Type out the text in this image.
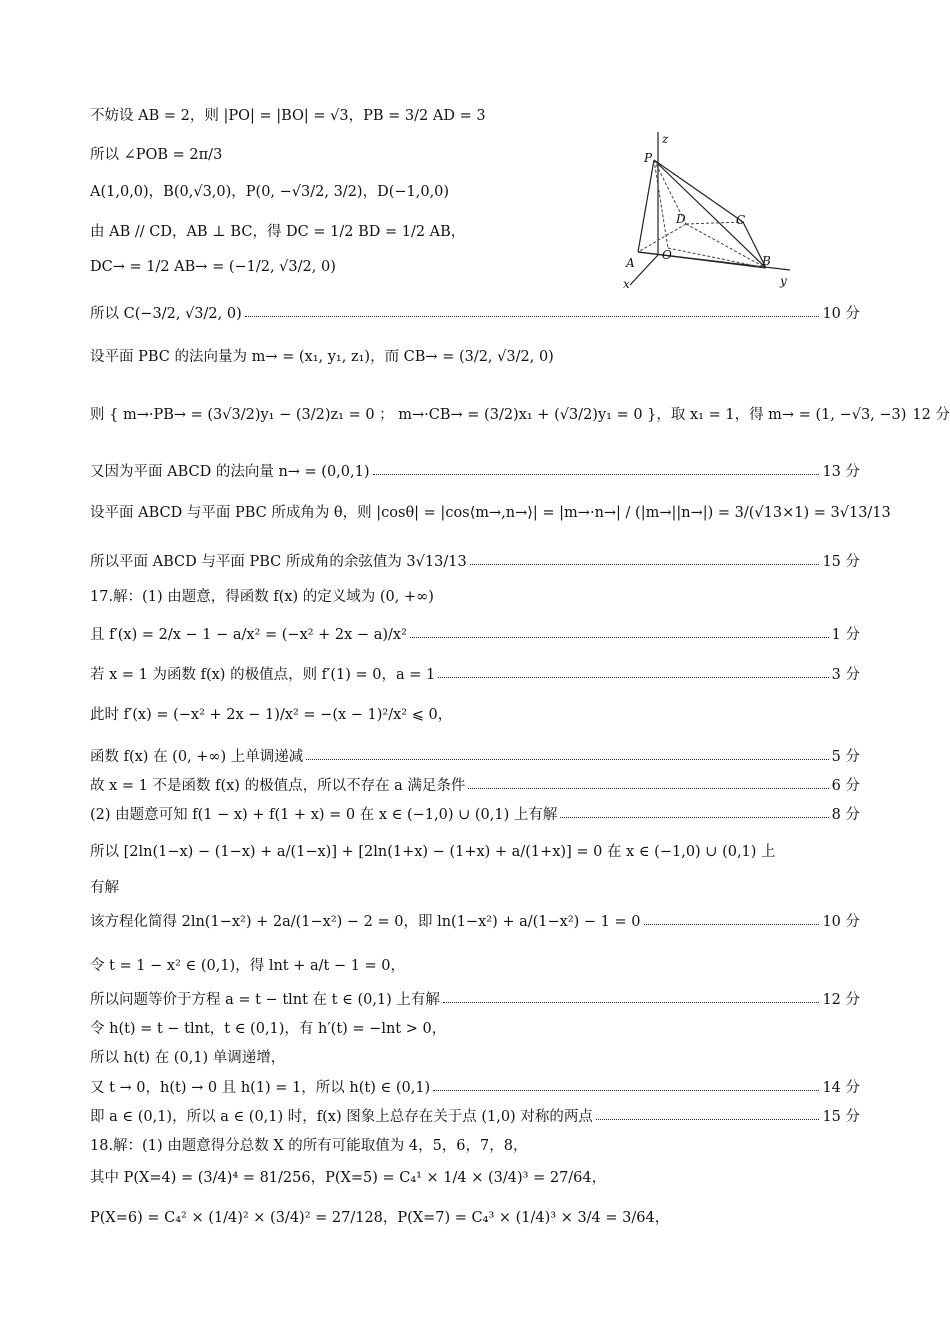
不妨设 AB = 2，则 |PO| = |BO| = √3，PB = 3/2 AD = 3
所以 ∠POB = 2π/3
A(1,0,0)，B(0,√3,0)，P(0, −√3/2, 3/2)，D(−1,0,0)
由 AB // CD，AB ⊥ BC，得 DC = 1/2 BD = 1/2 AB，
DC→ = 1/2 AB→ = (−1/2, √3/2, 0)
所以 C(−3/2, √3/2, 0)	10 分
设平面 PBC 的法向量为 m→ = (x₁, y₁, z₁)，而 CB→ = (3/2, √3/2, 0)
则 { m→·PB→ = (3√3/2)y₁ − (3/2)z₁ = 0 ； m→·CB→ = (3/2)x₁ + (√3/2)y₁ = 0 }，取 x₁ = 1，得 m→ = (1, −√3, −3) 12 分
又因为平面 ABCD 的法向量 n→ = (0,0,1)	13 分
设平面 ABCD 与平面 PBC 所成角为 θ，则 |cosθ| = |cos⟨m→,n→⟩| = |m→·n→| / (|m→||n→|) = 3/(√13×1) = 3√13/13
所以平面 ABCD 与平面 PBC 所成角的余弦值为 3√13/13	15 分
17.解：(1) 由题意，得函数 f(x) 的定义域为 (0, +∞)
且 f′(x) = 2/x − 1 − a/x² = (−x² + 2x − a)/x²	1 分
若 x = 1 为函数 f(x) 的极值点，则 f′(1) = 0，a = 1	3 分
此时 f′(x) = (−x² + 2x − 1)/x² = −(x − 1)²/x² ⩽ 0，
函数 f(x) 在 (0, +∞) 上单调递减	5 分
故 x = 1 不是函数 f(x) 的极值点，所以不存在 a 满足条件	6 分
(2) 由题意可知 f(1 − x) + f(1 + x) = 0 在 x ∈ (−1,0) ∪ (0,1) 上有解	8 分
所以 [2ln(1−x) − (1−x) + a/(1−x)] + [2ln(1+x) − (1+x) + a/(1+x)] = 0 在 x ∈ (−1,0) ∪ (0,1) 上
有解
该方程化简得 2ln(1−x²) + 2a/(1−x²) − 2 = 0，即 ln(1−x²) + a/(1−x²) − 1 = 0	10 分
令 t = 1 − x² ∈ (0,1)，得 lnt + a/t − 1 = 0，
所以问题等价于方程 a = t − tlnt 在 t ∈ (0,1) 上有解	12 分
令 h(t) = t − tlnt，t ∈ (0,1)，有 h′(t) = −lnt > 0，
所以 h(t) 在 (0,1) 单调递增，
又 t → 0，h(t) → 0 且 h(1) = 1，所以 h(t) ∈ (0,1)	14 分
即 a ∈ (0,1)，所以 a ∈ (0,1) 时，f(x) 图象上总存在关于点 (1,0) 对称的两点	15 分
18.解：(1) 由题意得分总数 X 的所有可能取值为 4，5，6，7，8，
其中 P(X=4) = (3/4)⁴ = 81/256，P(X=5) = C₄¹ × 1/4 × (3/4)³ = 27/64，
P(X=6) = C₄² × (1/4)² × (3/4)² = 27/128，P(X=7) = C₄³ × (1/4)³ × 3/4 = 3/64，
z
P
D	C
O
A	B
x	y
